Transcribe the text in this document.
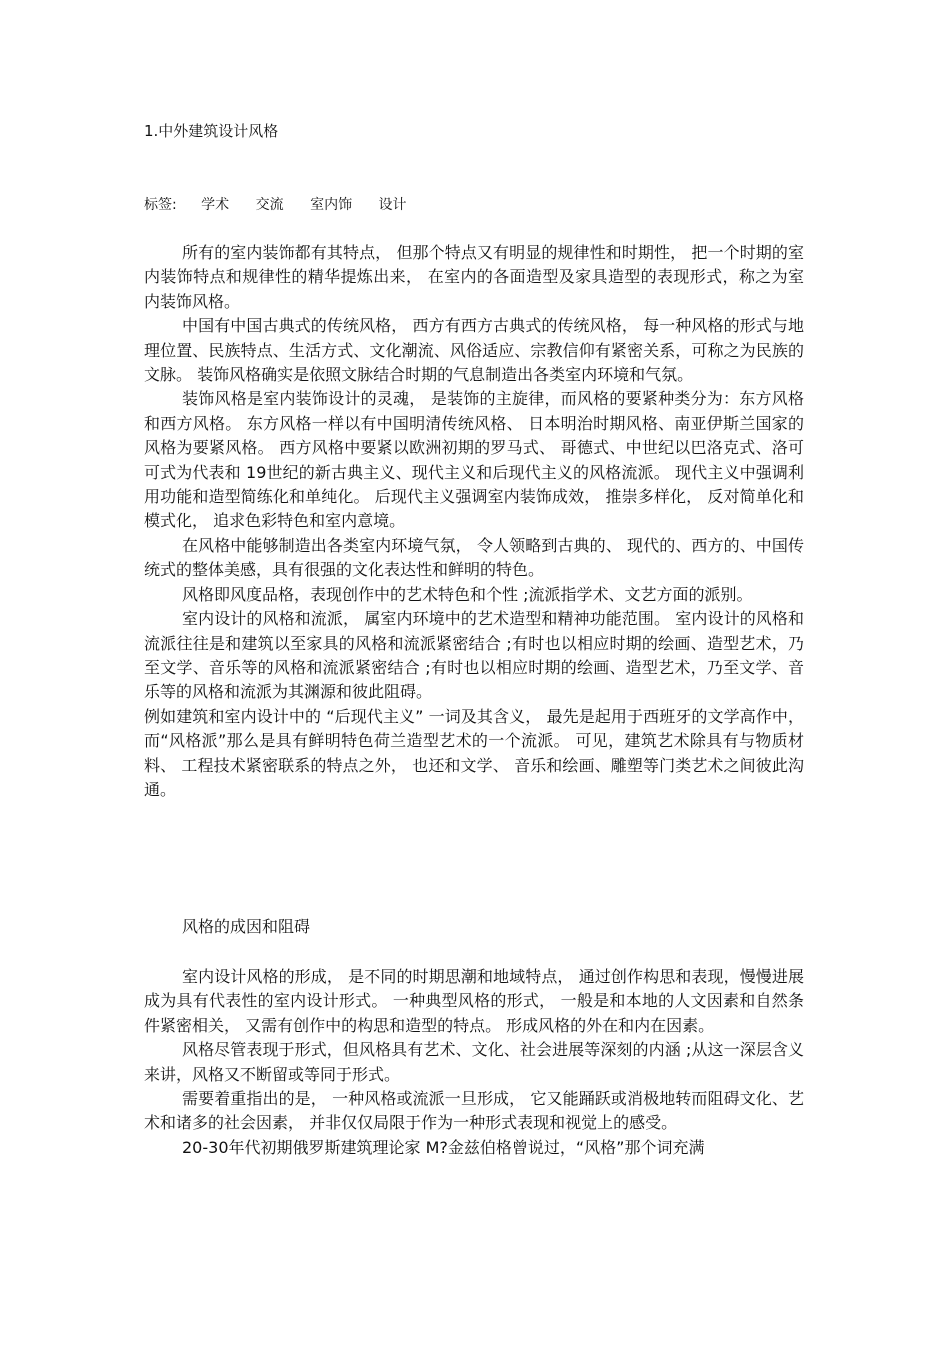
1.中外建筑设计风格
标签: 学术 交流 室内饰 设计

所有的室内装饰都有其特点， 但那个特点又有明显的规律性和时期性， 把一个时期的室内装饰特点和规律性的精华提炼出来， 在室内的各面造型及家具造型的表现形式，称之为室内装饰风格。

中国有中国古典式的传统风格， 西方有西方古典式的传统风格， 每一种风格的形式与地理位置、民族特点、生活方式、文化潮流、风俗适应、宗教信仰有紧密关系，可称之为民族的文脉。 装饰风格确实是依照文脉结合时期的气息制造出各类室内环境和气氛。

装饰风格是室内装饰设计的灵魂， 是装饰的主旋律，而风格的要紧种类分为：东方风格和西方风格。 东方风格一样以有中国明清传统风格、 日本明治时期风格、南亚伊斯兰国家的风格为要紧风格。 西方风格中要紧以欧洲初期的罗马式、 哥德式、中世纪以巴洛克式、洛可可式为代表和 19世纪的新古典主义、现代主义和后现代主义的风格流派。 现代主义中强调利用功能和造型简练化和单纯化。 后现代主义强调室内装饰成效， 推崇多样化， 反对简单化和模式化， 追求色彩特色和室内意境。

在风格中能够制造出各类室内环境气氛， 令人领略到古典的、 现代的、西方的、中国传统式的整体美感，具有很强的文化表达性和鲜明的特色。

风格即风度品格，表现创作中的艺术特色和个性 ;流派指学术、文艺方面的派别。

室内设计的风格和流派， 属室内环境中的艺术造型和精神功能范围。 室内设计的风格和流派往往是和建筑以至家具的风格和流派紧密结合 ;有时也以相应时期的绘画、造型艺术，乃至文学、音乐等的风格和流派紧密结合 ;有时也以相应时期的绘画、造型艺术，乃至文学、音乐等的风格和流派为其渊源和彼此阻碍。

例如建筑和室内设计中的 “后现代主义” 一词及其含义， 最先是起用于西班牙的文学高作中， 而“风格派”那么是具有鲜明特色荷兰造型艺术的一个流派。 可见，建筑艺术除具有与物质材料、 工程技术紧密联系的特点之外， 也还和文学、 音乐和绘画、雕塑等门类艺术之间彼此沟通。

风格的成因和阻碍

室内设计风格的形成， 是不同的时期思潮和地域特点， 通过创作构思和表现，慢慢进展成为具有代表性的室内设计形式。 一种典型风格的形式， 一般是和本地的人文因素和自然条件紧密相关， 又需有创作中的构思和造型的特点。 形成风格的外在和内在因素。

风格尽管表现于形式，但风格具有艺术、文化、社会进展等深刻的内涵 ;从这一深层含义来讲，风格又不断留或等同于形式。

需要着重指出的是， 一种风格或流派一旦形成， 它又能踊跃或消极地转而阻碍文化、艺术和诸多的社会因素， 并非仅仅局限于作为一种形式表现和视觉上的感受。

20-30年代初期俄罗斯建筑理论家 M?金兹伯格曾说过，“风格”那个词充满
